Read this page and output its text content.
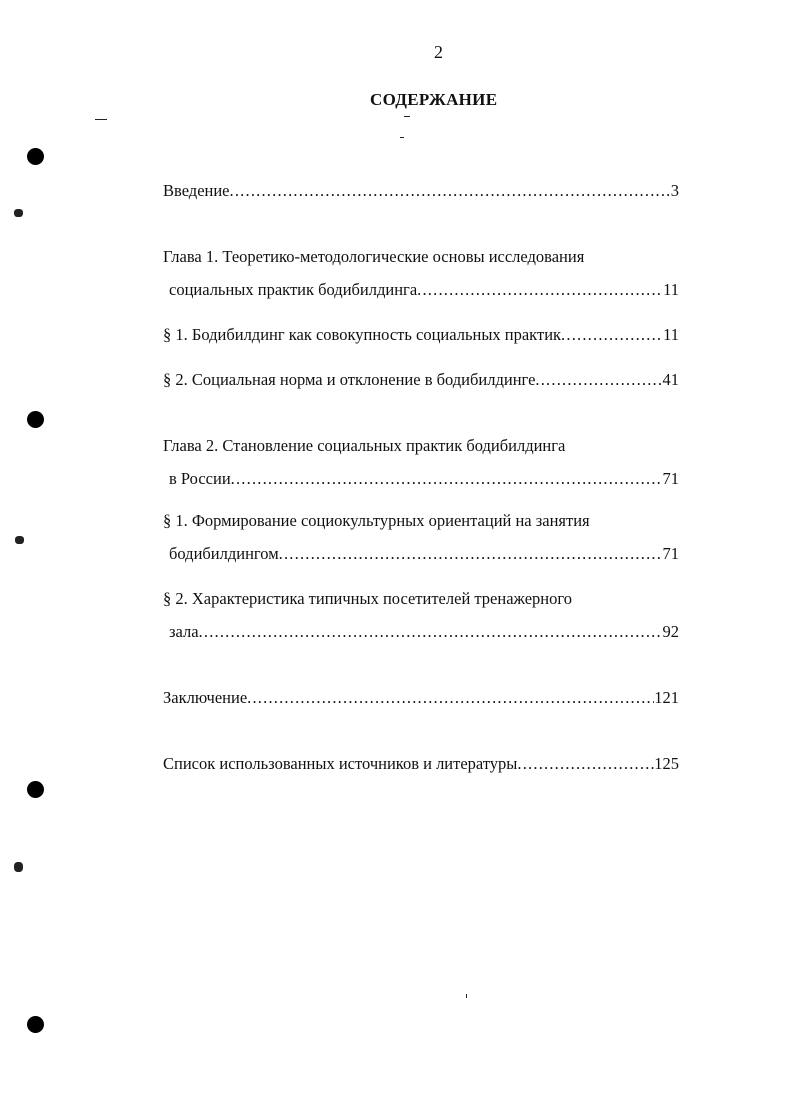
2
СОДЕРЖАНИЕ
Введение .....	3
Глава 1. Теоретико-методологические основы исследования
социальных практик бодибилдинга .....	11
§ 1. Бодибилдинг как совокупность социальных практик .....	11
§ 2. Социальная норма и отклонение в бодибилдинге .....	41
Глава 2. Становление социальных практик бодибилдинга
в России .....	71
§ 1. Формирование социокультурных ориентаций на занятия
бодибилдингом .....	71
§ 2. Характеристика типичных посетителей тренажерного
зала .....	92
Заключение .....	121
Список использованных источников и литературы .....	125
